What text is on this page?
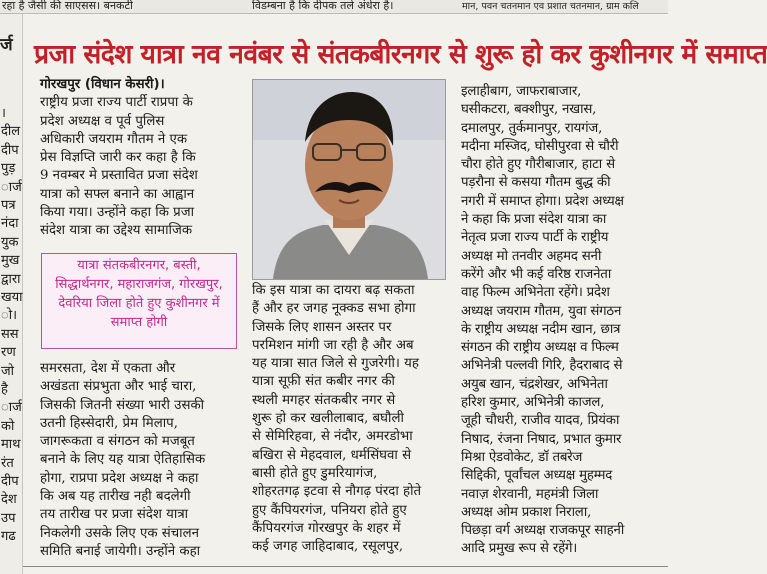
रहा है जैसी की साएसस। बनकटी	विडम्बना है कि दीपक तले अंधेरा है।	मान, पवन चतनमान एव प्रशात चतनमान, ग्राम कलि
र्ज
।
दील
दीप
पुड़
ार्ज
पत्र
नंदा
युक
मुख
द्वारा
खया
ो।
सस
रण
जो
है
ार्ज
को
माथ
रंत
दीप
देश
उप
गढ
प्रजा संदेश यात्रा नव नवंबर से संतकबीरनगर से शुरू हो कर कुशीनगर में समाप्त
गोरखपुर (विधान केसरी)।
राष्ट्रीय प्रजा राज्य पार्टी राप्रपा के
प्रदेश अध्यक्ष व पूर्व पुलिस
अधिकारी जयराम गौतम ने एक
प्रेस विज्ञप्ति जारी कर कहा है कि
9 नवम्बर मे प्रस्तावित प्रजा संदेश
यात्रा को सफ्ल बनाने का आह्वान
किया गया। उन्होंने कहा कि प्रजा
संदेश यात्रा का उद्देश्य सामाजिक
यात्रा संतकबीरनगर, बस्ती,
सिद्धार्थनगर, महाराजगंज, गोरखपुर,
देवरिया जिला होते हुए कुशीनगर में
समाप्त होगी
समरसता, देश में एकता और
अखंडता संप्रभुता और भाई चारा,
जिसकी जितनी संख्या भारी उसकी
उतनी हिस्सेदारी, प्रेम मिलाप,
जागरूकता व संगठन को मजबूत
बनाने के लिए यह यात्रा ऐतिहासिक
होगा, राप्रपा प्रदेश अध्यक्ष ने कहा
कि अब यह तारीख नही बदलेगी
तय तारीख पर प्रजा संदेश यात्रा
निकलेगी उसके लिए एक संचालन
समिति बनाई जायेगी। उन्होंने कहा
कि इस यात्रा का दायरा बढ़ सकता
हैं और हर जगह नूक्कड सभा होगा
जिसके लिए शासन अस्तर पर
परमिशन मांगी जा रही है और अब
यह यात्रा सात जिले से गुजरेगी। यह
यात्रा सूफ़ी संत कबीर नगर की
स्थली मगहर संतकबीर नगर से
शुरू हो कर खलीलाबाद, बघौली
से सेमिरिहवा, से नंदौर, अमरडोभा
बखिरा से मेहदवाल, धर्मसिंघवा से
बासी होते हुए डुमरियागंज,
शोहरतगढ़ इटवा से नौगढ़ पंरदा होते
हुए कैंपियरगंज, पनियरा होते हुए
कैंपियरगंज गोरखपुर के शहर में
कई जगह जाहिदाबाद, रसूलपुर,
इलाहीबाग, जाफराबाजार,
घसीकटरा, बक्शीपुर, नखास,
दमालपुर, तुर्कमानपुर, रायगंज,
मदीना मस्जिद, घोसीपुरवा से चौरी
चौरा होते हुए गौरीबाजार, हाटा से
पड़रौना से कसया गौतम बुद्ध की
नगरी में समाप्त होगा। प्रदेश अध्यक्ष
ने कहा कि प्रजा संदेश यात्रा का
नेतृत्व प्रजा राज्य पार्टी के राष्ट्रीय
अध्यक्ष मो तनवीर अहमद सनी
करेंगे और भी कई वरिष्ठ राजनेता
वाह फिल्म अभिनेता रहेंगे। प्रदेश
अध्यक्ष जयराम गौतम, युवा संगठन
के राष्ट्रीय अध्यक्ष नदीम खान, छात्र
संगठन की राष्ट्रीय अध्यक्ष व फिल्म
अभिनेत्री पल्लवी गिरि, हैदराबाद से
अयुब खान, चंद्रशेखर, अभिनेता
हरिश कुमार, अभिनेत्री काजल,
जूही चौधरी, राजीव यादव, प्रियंका
निषाद, रंजना निषाद, प्रभात कुमार
मिश्रा ऐडवोकेट, डॉ तबरेज
सिद्दिकी, पूर्वांचल अध्यक्ष मुहम्मद
नवाज़ शेरवानी, महमंत्री जिला
अध्यक्ष ओम प्रकाश निराला,
पिछड़ा वर्ग अध्यक्ष राजकपूर साहनी
आदि प्रमुख रूप से रहेंगे।
